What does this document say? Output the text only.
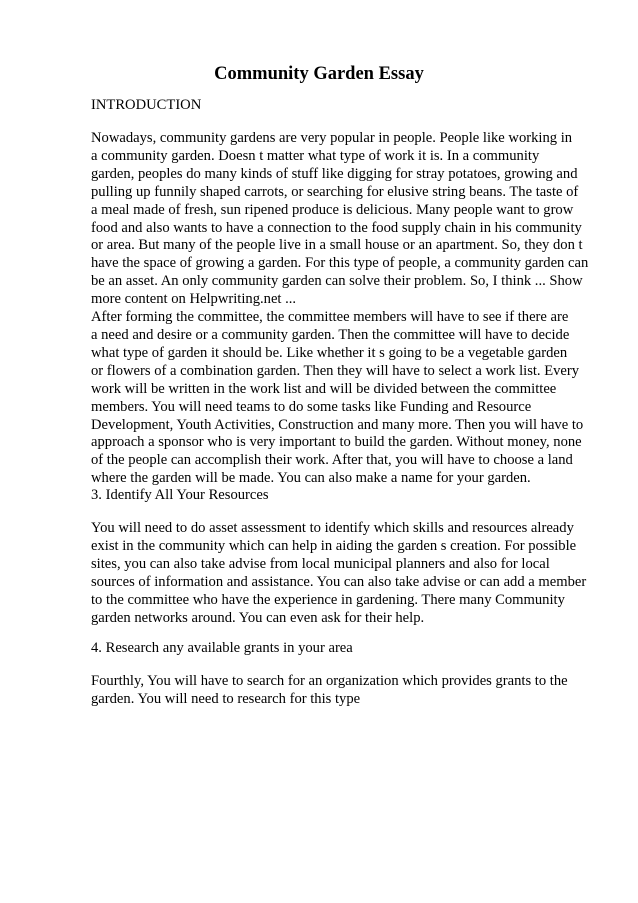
Community Garden Essay
INTRODUCTION
Nowadays, community gardens are very popular in people. People like working in
a community garden. Doesn t matter what type of work it is. In a community
garden, peoples do many kinds of stuff like digging for stray potatoes, growing and
pulling up funnily shaped carrots, or searching for elusive string beans. The taste of
a meal made of fresh, sun ripened produce is delicious. Many people want to grow
food and also wants to have a connection to the food supply chain in his community
or area. But many of the people live in a small house or an apartment. So, they don t
have the space of growing a garden. For this type of people, a community garden can
be an asset. An only community garden can solve their problem. So, I think ... Show
more content on Helpwriting.net ...
After forming the committee, the committee members will have to see if there are
a need and desire or a community garden. Then the committee will have to decide
what type of garden it should be. Like whether it s going to be a vegetable garden
or flowers of a combination garden. Then they will have to select a work list. Every
work will be written in the work list and will be divided between the committee
members. You will need teams to do some tasks like Funding and Resource
Development, Youth Activities, Construction and many more. Then you will have to
approach a sponsor who is very important to build the garden. Without money, none
of the people can accomplish their work. After that, you will have to choose a land
where the garden will be made. You can also make a name for your garden.
3. Identify All Your Resources
You will need to do asset assessment to identify which skills and resources already
exist in the community which can help in aiding the garden s creation. For possible
sites, you can also take advise from local municipal planners and also for local
sources of information and assistance. You can also take advise or can add a member
to the committee who have the experience in gardening. There many Community
garden networks around. You can even ask for their help.
4. Research any available grants in your area
Fourthly, You will have to search for an organization which provides grants to the
garden. You will need to research for this type
